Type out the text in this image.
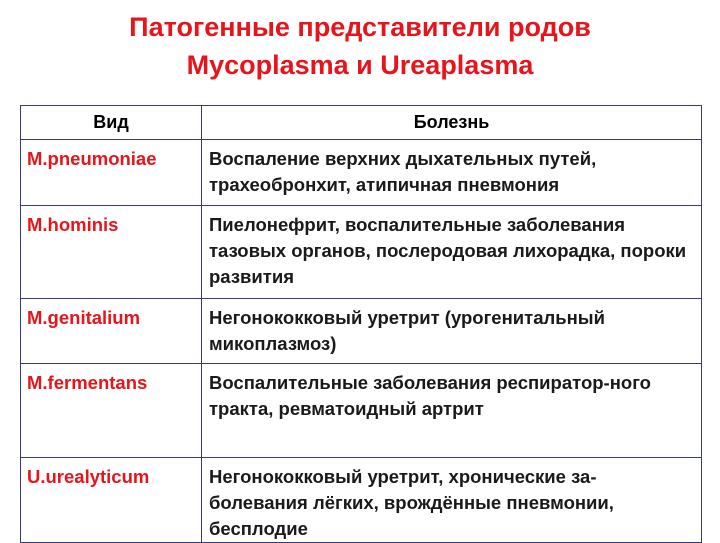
Патогенные представители родов
Mycoplasma и Ureaplasma
Вид	Болезнь
M.pneumoniae	Воспаление верхних дыхательных путей, трахеобронхит, атипичная пневмония
M.hominis	Пиелонефрит, воспалительные заболевания тазовых органов, послеродовая лихорадка, пороки развития
M.genitalium	Негонококковый уретрит (урогенитальный микоплазмоз)
M.fermentans	Воспалительные заболевания респиратор-ного тракта, ревматоидный артрит
U.urealyticum	Негонококковый уретрит, хронические за-болевания лёгких, врождённые пневмонии, бесплодие
